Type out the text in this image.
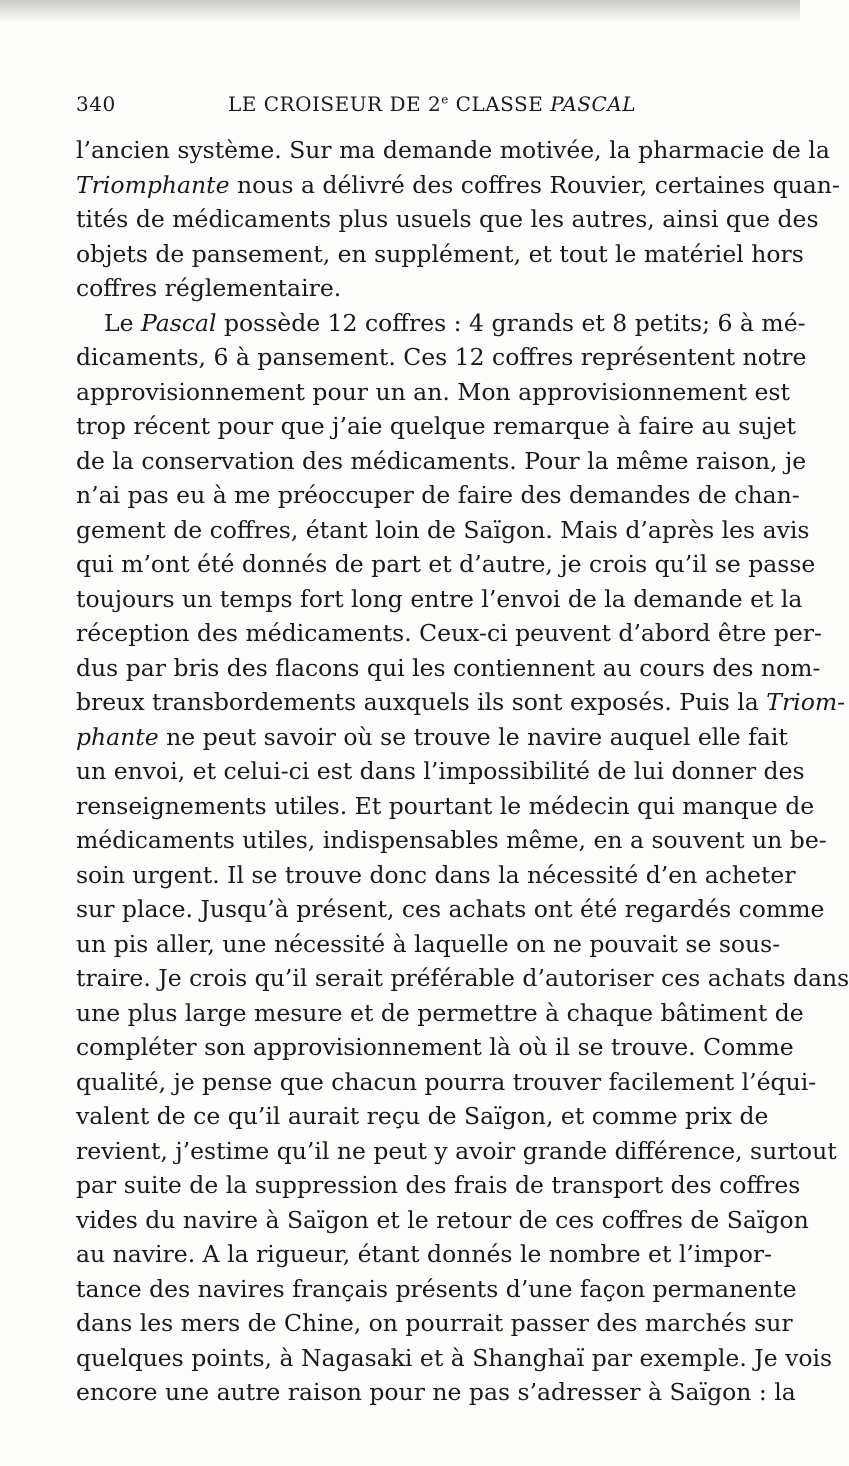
340	LE CROISEUR DE 2e CLASSE PASCAL
l’ancien système. Sur ma demande motivée, la pharmacie de la
Triomphante nous a délivré des coffres Rouvier, certaines quan-
tités de médicaments plus usuels que les autres, ainsi que des
objets de pansement, en supplément, et tout le matériel hors
coffres réglementaire.
Le Pascal possède 12 coffres : 4 grands et 8 petits; 6 à mé-
dicaments, 6 à pansement. Ces 12 coffres représentent notre
approvisionnement pour un an. Mon approvisionnement est
trop récent pour que j’aie quelque remarque à faire au sujet
de la conservation des médicaments. Pour la même raison, je
n’ai pas eu à me préoccuper de faire des demandes de chan-
gement de coffres, étant loin de Saïgon. Mais d’après les avis
qui m’ont été donnés de part et d’autre, je crois qu’il se passe
toujours un temps fort long entre l’envoi de la demande et la
réception des médicaments. Ceux-ci peuvent d’abord être per-
dus par bris des flacons qui les contiennent au cours des nom-
breux transbordements auxquels ils sont exposés. Puis la Triom-
phante ne peut savoir où se trouve le navire auquel elle fait
un envoi, et celui-ci est dans l’impossibilité de lui donner des
renseignements utiles. Et pourtant le médecin qui manque de
médicaments utiles, indispensables même, en a souvent un be-
soin urgent. Il se trouve donc dans la nécessité d’en acheter
sur place. Jusqu’à présent, ces achats ont été regardés comme
un pis aller, une nécessité à laquelle on ne pouvait se sous-
traire. Je crois qu’il serait préférable d’autoriser ces achats dans
une plus large mesure et de permettre à chaque bâtiment de
compléter son approvisionnement là où il se trouve. Comme
qualité, je pense que chacun pourra trouver facilement l’équi-
valent de ce qu’il aurait reçu de Saïgon, et comme prix de
revient, j’estime qu’il ne peut y avoir grande différence, surtout
par suite de la suppression des frais de transport des coffres
vides du navire à Saïgon et le retour de ces coffres de Saïgon
au navire. A la rigueur, étant donnés le nombre et l’impor-
tance des navires français présents d’une façon permanente
dans les mers de Chine, on pourrait passer des marchés sur
quelques points, à Nagasaki et à Shanghaï par exemple. Je vois
encore une autre raison pour ne pas s’adresser à Saïgon : la
